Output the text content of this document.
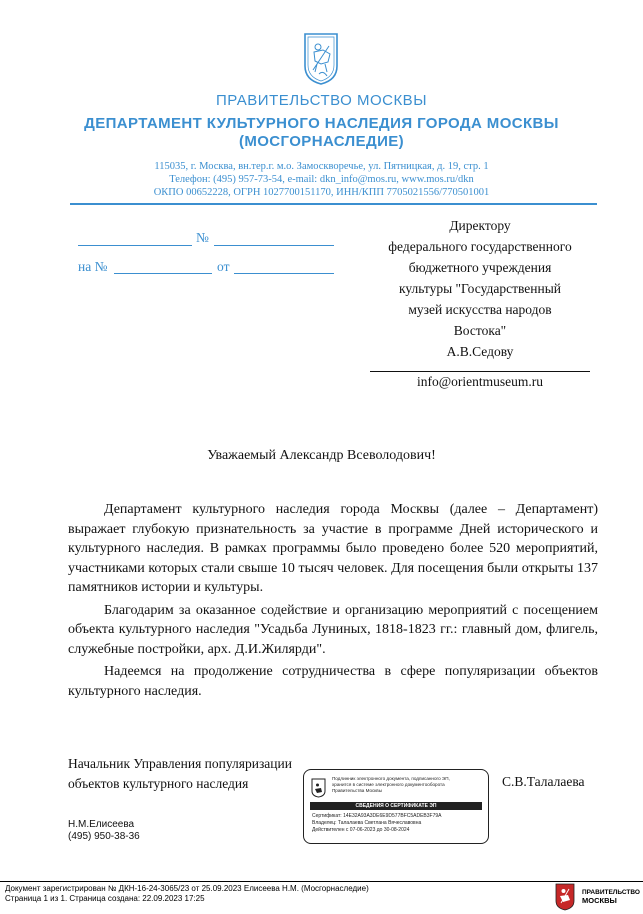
ПРАВИТЕЛЬСТВО МОСКВЫ
ДЕПАРТАМЕНТ КУЛЬТУРНОГО НАСЛЕДИЯ ГОРОДА МОСКВЫ
(МОСГОРНАСЛЕДИЕ)
115035, г. Москва, вн.тер.г. м.о. Замоскворечье, ул. Пятницкая, д. 19, стр. 1
Телефон: (495) 957-73-54, e-mail: dkn_info@mos.ru, www.mos.ru/dkn
ОКПО 00652228, ОГРН 1027700151170, ИНН/КПП 7705021556/770501001
№
на №	от
Директору
федерального государственного
бюджетного учреждения
культуры "Государственный
музей искусства народов
Востока"
А.В.Седову
info@orientmuseum.ru
Уважаемый Александр Всеволодович!

Департамент культурного наследия города Москвы (далее – Департамент) выражает глубокую признательность за участие в программе Дней исторического и культурного наследия. В рамках программы было проведено более 520 мероприятий, участниками которых стали свыше 10 тысяч человек. Для посещения были открыты 137 памятников истории и культуры.

Благодарим за оказанное содействие и организацию мероприятий с посещением объекта культурного наследия "Усадьба Луниных, 1818-1823 гг.: главный дом, флигель, служебные постройки, арх. Д.И.Жилярди".

Надеемся на продолжение сотрудничества в сфере популяризации объектов культурного наследия.

Начальник Управления популяризации
объектов культурного наследия	С.В.Талалаева
Подлинник электронного документа, подписанного ЭП,
хранится в системе электронного документооборота
Правительства Москвы
СВЕДЕНИЯ О СЕРТИФИКАТЕ ЭП
Сертификат: 14E32A93A3DE6E9D577BFC5ADEB3F79A
Владелец: Талалаева Светлана Вячеславовна
Действителен с 07-06-2023 до 30-08-2024
Н.М.Елисеева
(495) 950-38-36
Документ зарегистрирован № ДКН-16-24-3065/23 от 25.09.2023 Елисеева Н.М. (Мосгорнаследие)
Страница 1 из 1. Страница создана: 22.09.2023 17:25
ПРАВИТЕЛЬСТВО
МОСКВЫ
